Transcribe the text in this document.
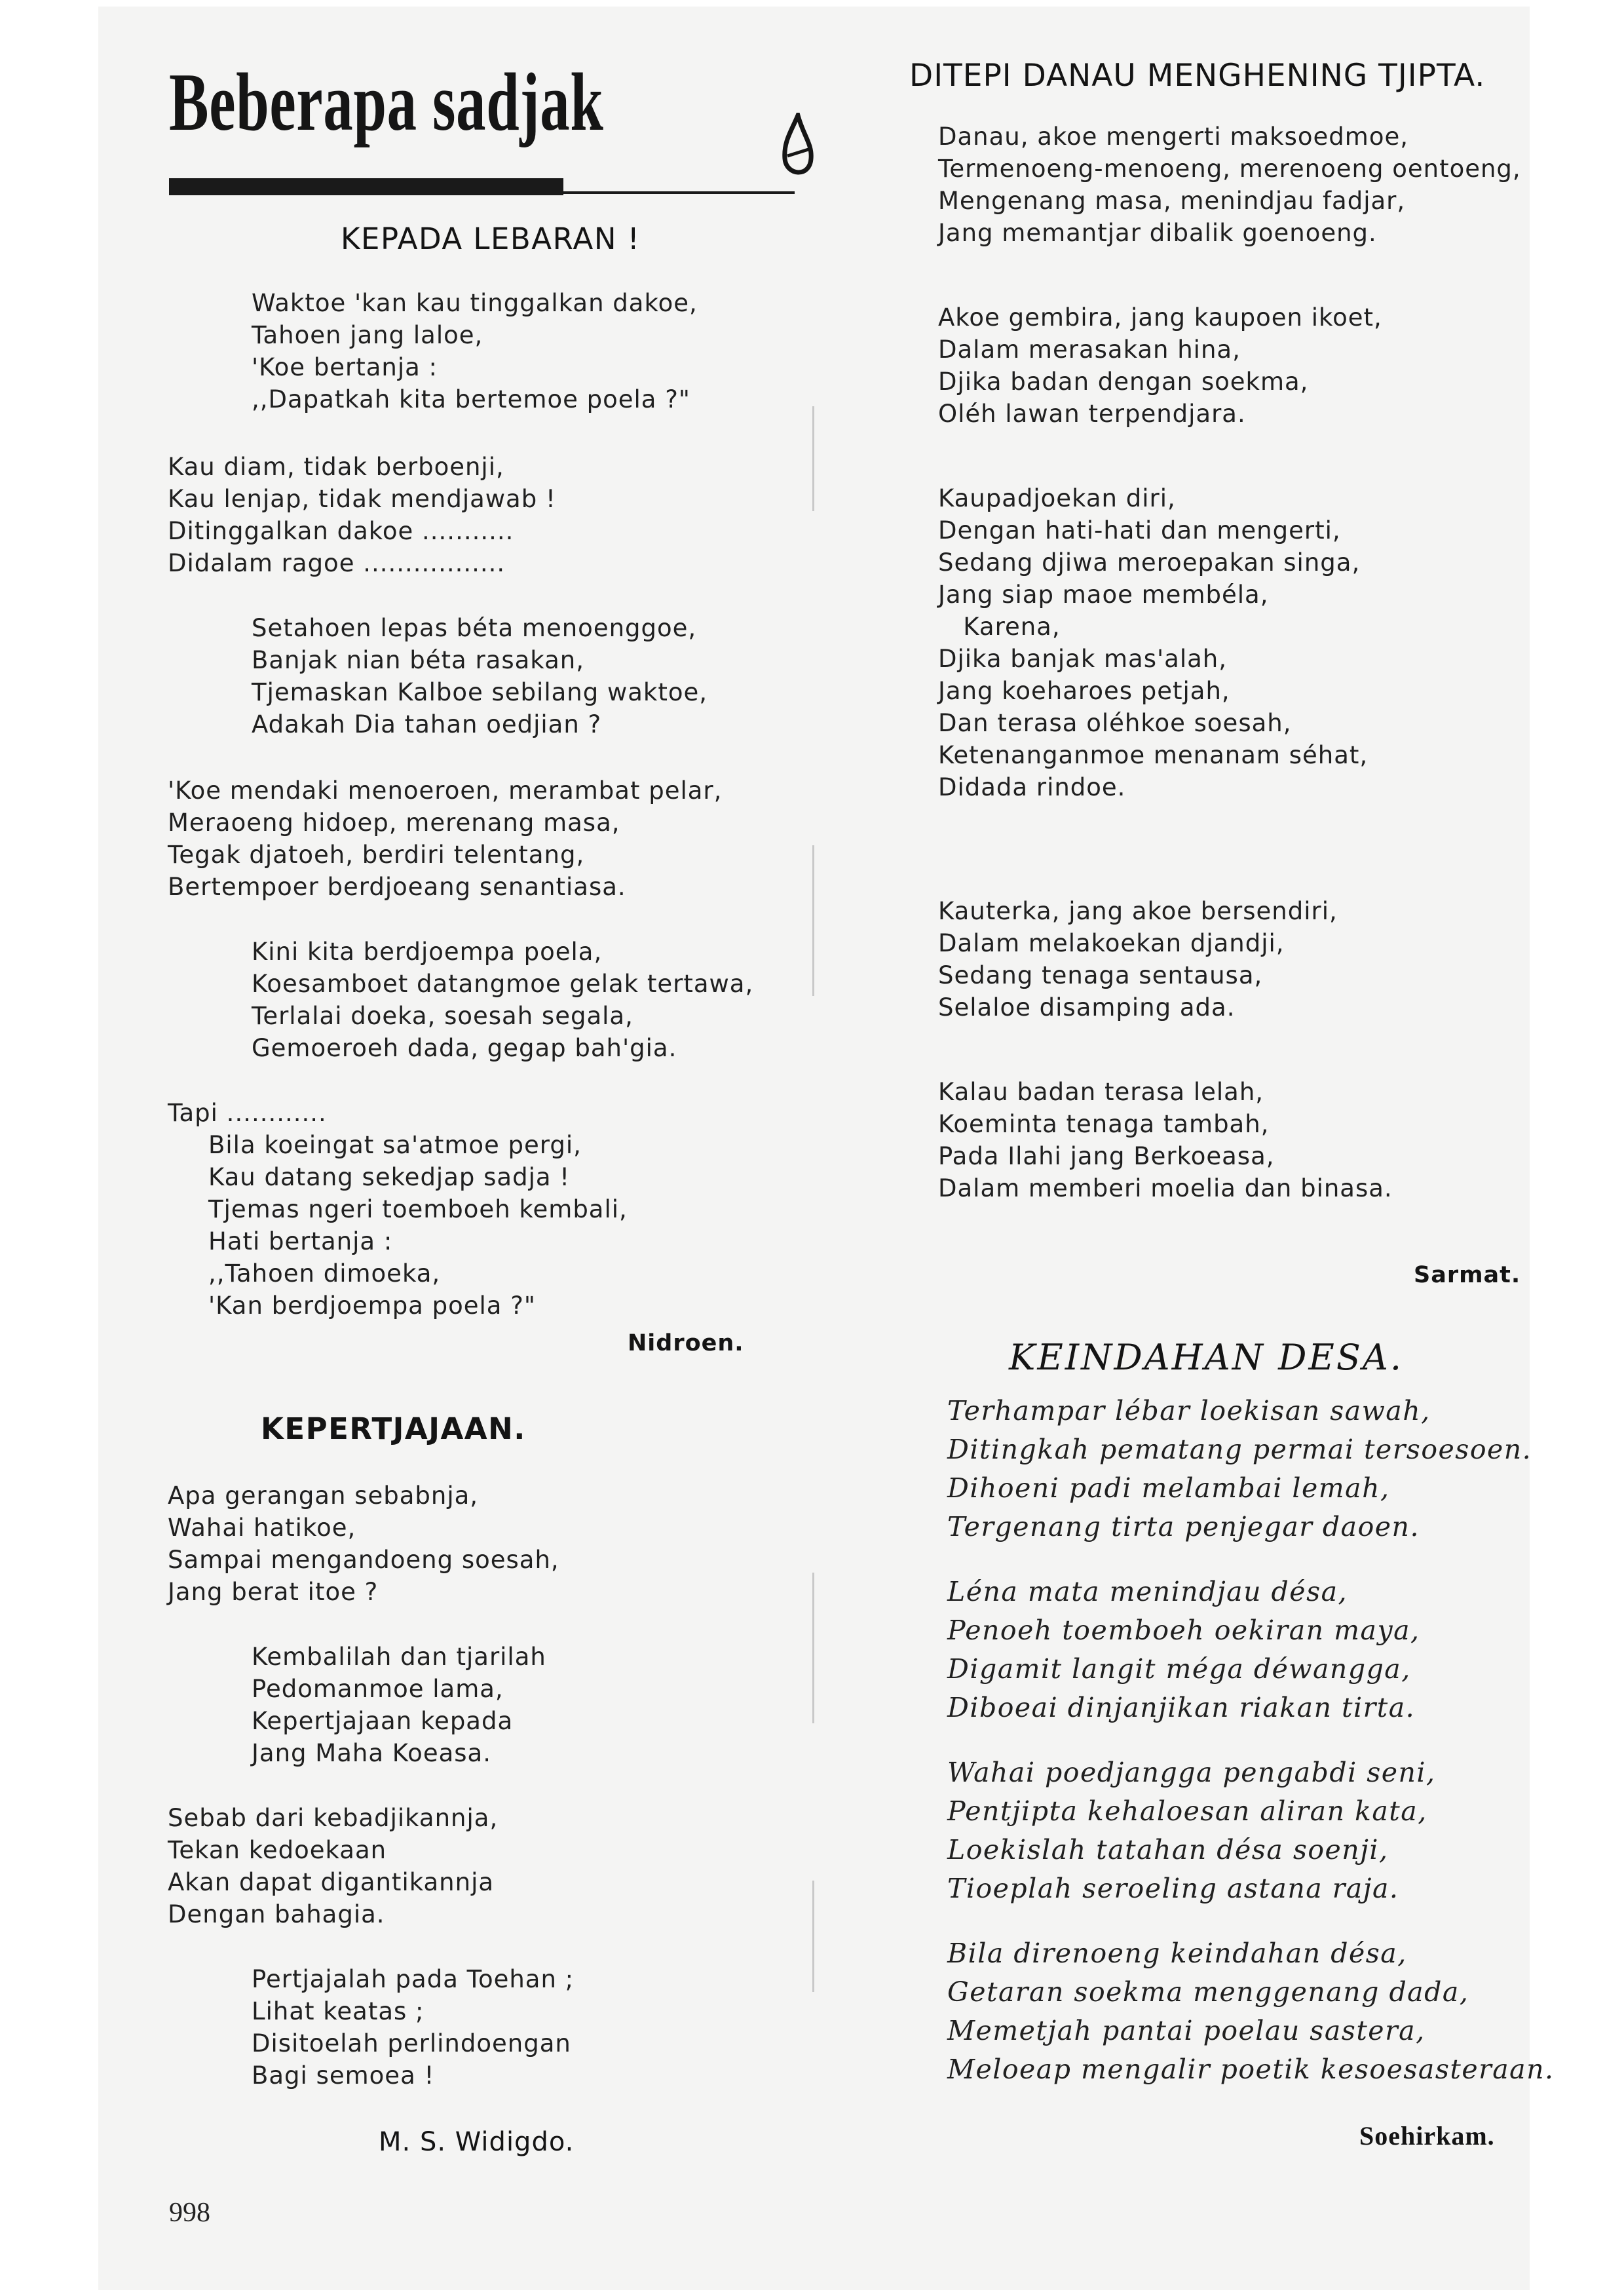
Beberapa sadjak
KEPADA LEBARAN !
Waktoe 'kan kau tinggalkan dakoe,
Tahoen jang laloe,
'Koe bertanja :
,,Dapatkah kita bertemoe poela ?"
Kau diam, tidak berboenji,
Kau lenjap, tidak mendjawab !
Ditinggalkan dakoe ...........
Didalam ragoe .................
Setahoen lepas béta menoenggoe,
Banjak nian béta rasakan,
Tjemaskan Kalboe sebilang waktoe,
Adakah Dia tahan oedjian ?
'Koe mendaki menoeroen, merambat pelar,
Meraoeng hidoep, merenang masa,
Tegak djatoeh, berdiri telentang,
Bertempoer berdjoeang senantiasa.
Kini kita berdjoempa poela,
Koesamboet datangmoe gelak tertawa,
Terlalai doeka, soesah segala,
Gemoeroeh dada, gegap bah'gia.
Tapi ............
Bila koeingat sa'atmoe pergi,
Kau datang sekedjap sadja !
Tjemas ngeri toemboeh kembali,
Hati bertanja :
,,Tahoen dimoeka,
'Kan berdjoempa poela ?"
Nidroen.
KEPERTJAJAAN.
Apa gerangan sebabnja,
Wahai hatikoe,
Sampai mengandoeng soesah,
Jang berat itoe ?
Kembalilah dan tjarilah
Pedomanmoe lama,
Kepertjajaan kepada
Jang Maha Koeasa.
Sebab dari kebadjikannja,
Tekan kedoekaan
Akan dapat digantikannja
Dengan bahagia.
Pertjajalah pada Toehan ;
Lihat keatas ;
Disitoelah perlindoengan
Bagi semoea !
M. S. Widigdo.
DITEPI DANAU MENGHENING TJIPTA.
Danau, akoe mengerti maksoedmoe,
Termenoeng-menoeng, merenoeng oentoeng,
Mengenang masa, menindjau fadjar,
Jang memantjar dibalik goenoeng.
Akoe gembira, jang kaupoen ikoet,
Dalam merasakan hina,
Djika badan dengan soekma,
Oléh lawan terpendjara.
Kaupadjoekan diri,
Dengan hati-hati dan mengerti,
Sedang djiwa meroepakan singa,
Jang siap maoe membéla,
Karena,
Djika banjak mas'alah,
Jang koeharoes petjah,
Dan terasa oléhkoe soesah,
Ketenanganmoe menanam séhat,
Didada rindoe.
Kauterka, jang akoe bersendiri,
Dalam melakoekan djandji,
Sedang tenaga sentausa,
Selaloe disamping ada.
Kalau badan terasa lelah,
Koeminta tenaga tambah,
Pada Ilahi jang Berkoeasa,
Dalam memberi moelia dan binasa.
Sarmat.
KEINDAHAN DESA.
Terhampar lébar loekisan sawah,
Ditingkah pematang permai tersoesoen.
Dihoeni padi melambai lemah,
Tergenang tirta penjegar daoen.
Léna mata menindjau désa,
Penoeh toemboeh oekiran maya,
Digamit langit méga déwangga,
Diboeai dinjanjikan riakan tirta.
Wahai poedjangga pengabdi seni,
Pentjipta kehaloesan aliran kata,
Loekislah tatahan désa soenji,
Tioeplah seroeling astana raja.
Bila direnoeng keindahan désa,
Getaran soekma menggenang dada,
Memetjah pantai poelau sastera,
Meloeap mengalir poetik kesoesasteraan.
Soehirkam.
998
